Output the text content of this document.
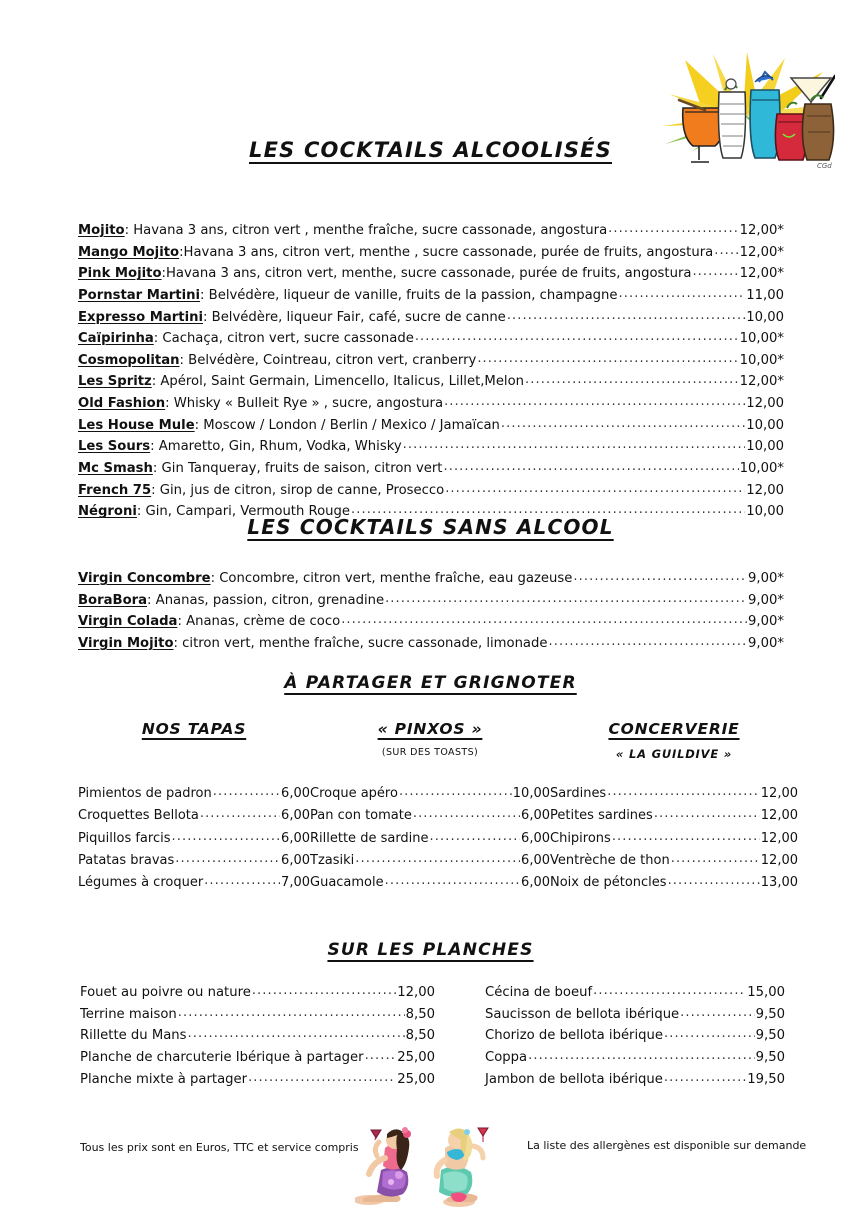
CGd
LES COCKTAILS ALCOOLISÉS
Mojito : Havana 3 ans, citron vert , menthe fraîche, sucre cassonade, angostura .....	12,00 *
Mango Mojito :Havana 3 ans, citron vert, menthe , sucre cassonade, purée de fruits, angostura ..... 12,00 *
Pink Mojito :Havana 3 ans, citron vert, menthe, sucre cassonade, purée de fruits, angostura .....	12,00 *
Pornstar Martini : Belvédère, liqueur de vanille, fruits de la passion, champagne .....	11,00
Expresso Martini : Belvédère, liqueur Fair, café, sucre de canne .....	10,00
Caïpirinha : Cachaça, citron vert, sucre cassonade .....	10,00 *
Cosmopolitan : Belvédère, Cointreau, citron vert, cranberry .....	10,00 *
Les Spritz : Apérol, Saint Germain, Limencello, Italicus, Lillet,Melon .....	12,00 *
Old Fashion : Whisky « Bulleit Rye » , sucre, angostura .....	12,00
Les House Mule : Moscow / London / Berlin / Mexico / Jamaïcan .....	10,00
Les Sours : Amaretto, Gin, Rhum, Vodka, Whisky .....	10,00
Mc Smash : Gin Tanqueray, fruits de saison, citron vert .....	10,00 *
French 75 : Gin, jus de citron, sirop de canne, Prosecco .....	12,00
Négroni : Gin, Campari, Vermouth Rouge .....	10,00
LES COCKTAILS SANS ALCOOL
Virgin Concombre : Concombre, citron vert, menthe fraîche, eau gazeuse .....	9,00 *
BoraBora : Ananas, passion, citron, grenadine .....	9,00 *
Virgin Colada : Ananas, crème de coco .....	9,00 *
Virgin Mojito : citron vert, menthe fraîche, sucre cassonade, limonade .....	9,00 *
À PARTAGER ET GRIGNOTER
NOS TAPAS
Pimientos de padron .....	6,00
Croquettes Bellota .....	6,00
Piquillos farcis .....	6,00
Patatas bravas .....	6,00
Légumes à croquer .....	7,00
« PINXOS »
(SUR DES TOASTS)
Croque apéro .....	10,00
Pan con tomate .....	6,00
Rillette de sardine .....	6,00
Tzasiki .....	6,00
Guacamole .....	6,00
CONCERVERIE
« LA GUILDIVE »
Sardines .....	12,00
Petites sardines .....	12,00
Chipirons .....	12,00
Ventrèche de thon .....	12,00
Noix de pétoncles .....	13,00
SUR LES PLANCHES
Fouet au poivre ou nature .....	12,00
Terrine maison .....	8,50
Rillette du Mans .....	8,50
Planche de charcuterie Ibérique à partager .....	25,00
Planche mixte à partager .....	25,00
Cécina de boeuf .....	15,00
Saucisson de bellota ibérique .....	9,50
Chorizo de bellota ibérique .....	9,50
Coppa .....	9,50
Jambon de bellota ibérique .....	19,50
Tous les prix sont en Euros, TTC et service compris	La liste des allergènes est disponible sur demande
